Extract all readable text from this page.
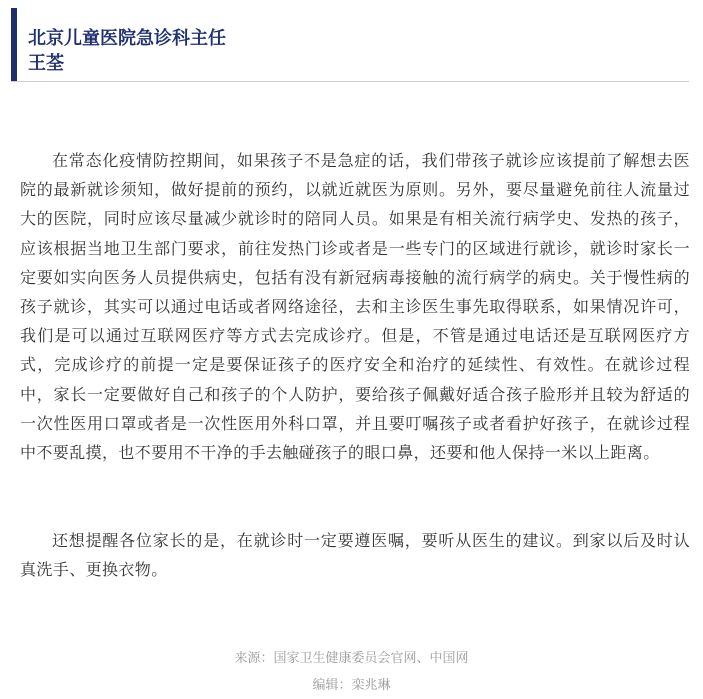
北京儿童医院急诊科主任
王荃

在常态化疫情防控期间，如果孩子不是急症的话，我们带孩子就诊应该提前了解想去医院的最新就诊须知，做好提前的预约，以就近就医为原则。另外，要尽量避免前往人流量过大的医院，同时应该尽量减少就诊时的陪同人员。如果是有相关流行病学史、发热的孩子，应该根据当地卫生部门要求，前往发热门诊或者是一些专门的区域进行就诊，就诊时家长一定要如实向医务人员提供病史，包括有没有新冠病毒接触的流行病学的病史。关于慢性病的孩子就诊，其实可以通过电话或者网络途径，去和主诊医生事先取得联系，如果情况许可，我们是可以通过互联网医疗等方式去完成诊疗。但是，不管是通过电话还是互联网医疗方式，完成诊疗的前提一定是要保证孩子的医疗安全和治疗的延续性、有效性。在就诊过程中，家长一定要做好自己和孩子的个人防护，要给孩子佩戴好适合孩子脸形并且较为舒适的一次性医用口罩或者是一次性医用外科口罩，并且要叮嘱孩子或者看护好孩子，在就诊过程中不要乱摸，也不要用不干净的手去触碰孩子的眼口鼻，还要和他人保持一米以上距离。

还想提醒各位家长的是，在就诊时一定要遵医嘱，要听从医生的建议。到家以后及时认真洗手、更换衣物。

来源：国家卫生健康委员会官网、中国网
编辑：栾兆琳
